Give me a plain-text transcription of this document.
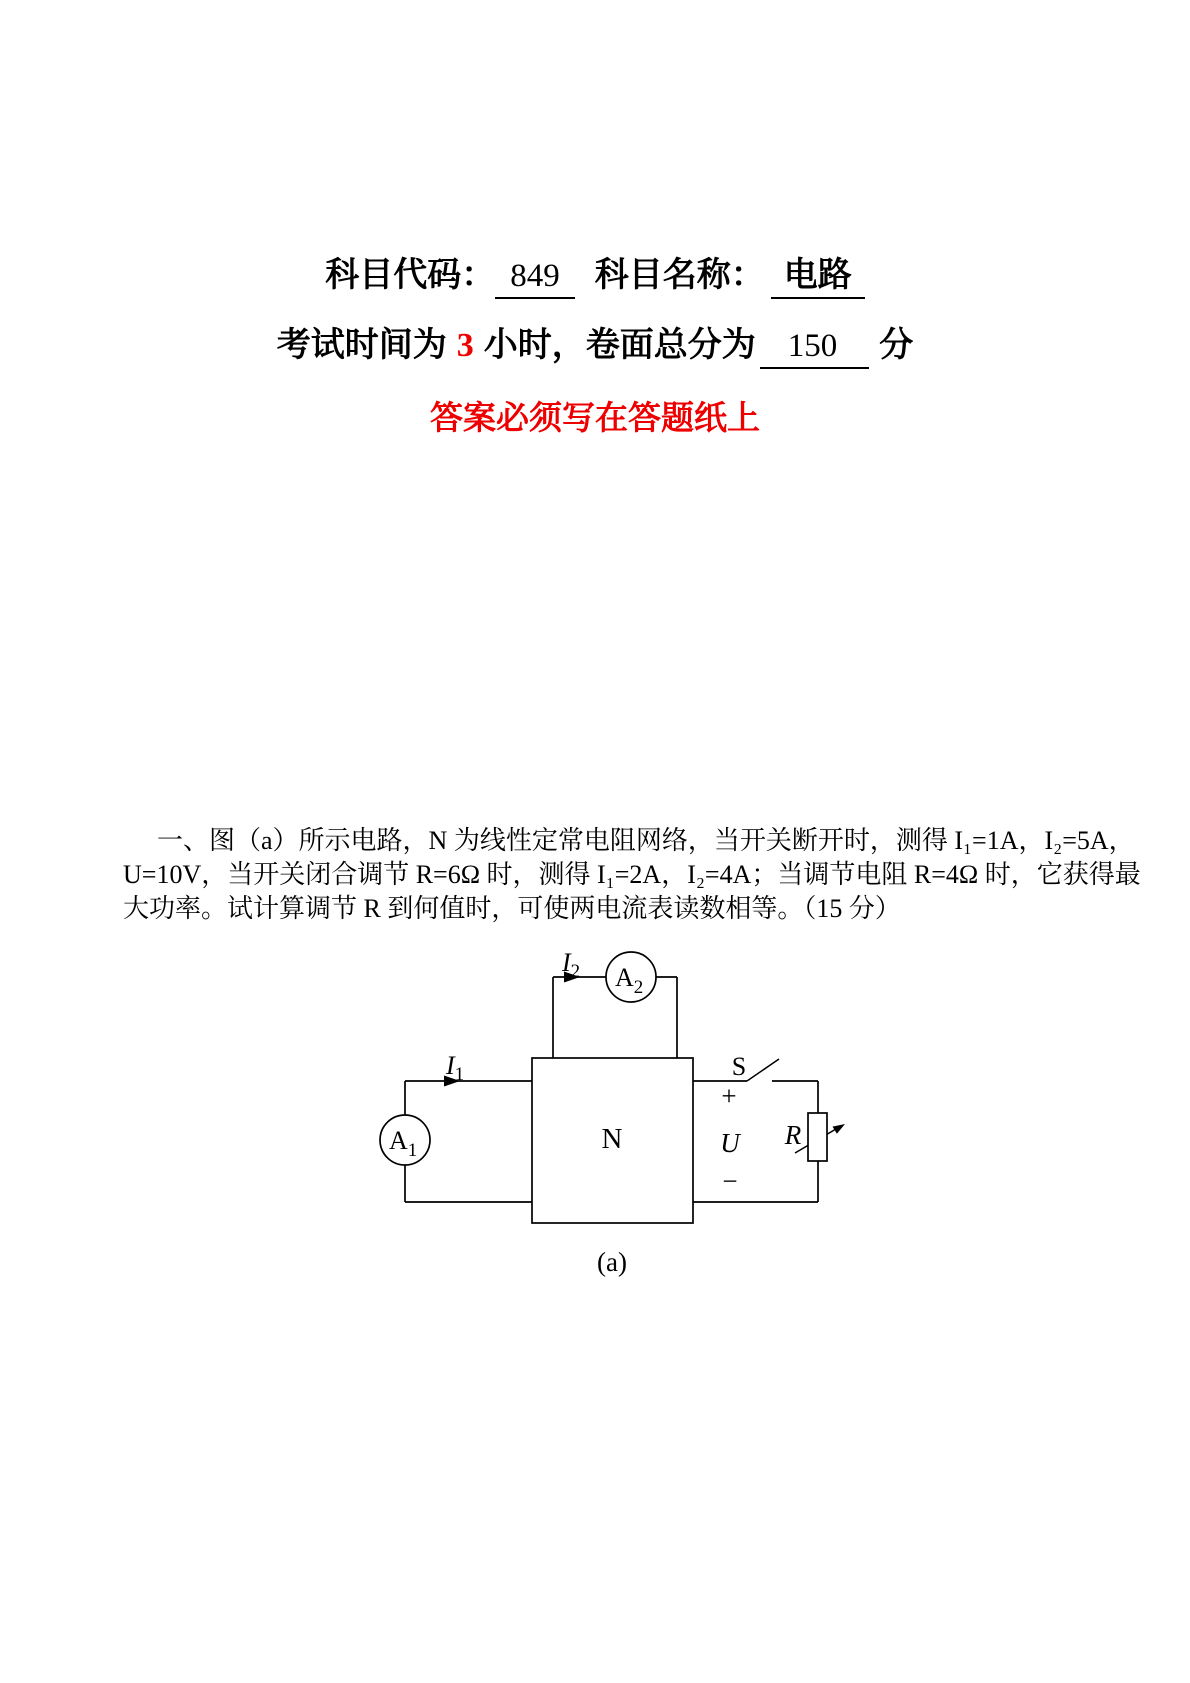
科目代码： 849	科目名称： 电路
考试时间为 3 小时，卷面总分为 150	分
答案必须写在答题纸上
一、图（a）所示电路，N 为线性定常电阻网络，当开关断开时，测得 I₁=1A，I₂=5A，
U=10V，当开关闭合调节 R=6Ω 时，测得 I₁=2A，I₂=4A；当调节电阻 R=4Ω 时，它获得最
大功率。试计算调节 R 到何值时，可使两电流表读数相等。（15 分）
$I_2$ $A_2$
$I_1$
$A_1$	N
S
+
U
−
R
(a)
